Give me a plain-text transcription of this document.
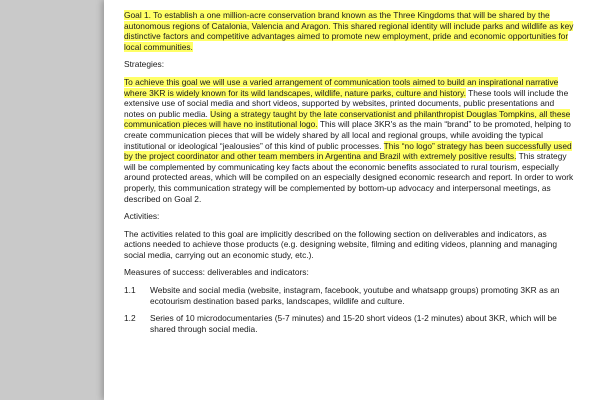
Goal 1. To establish a one million-acre conservation brand known as the Three Kingdoms that will be shared by the autonomous regions of Catalonia, Valencia and Aragon. This shared regional identity will include parks and wildlife as key distinctive factors and competitive advantages aimed to promote new employment, pride and economic opportunities for local communities.

Strategies:

To achieve this goal we will use a varied arrangement of communication tools aimed to build an inspirational narrative where 3KR is widely known for its wild landscapes, wildlife, nature parks, culture and history. These tools will include the extensive use of social media and short videos, supported by websites, printed documents, public presentations and notes on public media. Using a strategy taught by the late conservationist and philanthropist Douglas Tompkins, all these communication pieces will have no institutional logo. This will place 3KR's as the main “brand” to be promoted, helping to create communication pieces that will be widely shared by all local and regional groups, while avoiding the typical institutional or ideological “jealousies” of this kind of public processes. This “no logo” strategy has been successfully used by the project coordinator and other team members in Argentina and Brazil with extremely positive results. This strategy will be complemented by communicating key facts about the economic benefits associated to rural tourism, especially around protected areas, which will be compiled on an especially designed economic research and report. In order to work properly, this communication strategy will be complemented by bottom-up advocacy and interpersonal meetings, as described on Goal 2.

Activities:

The activities related to this goal are implicitly described on the following section on deliverables and indicators, as actions needed to achieve those products (e.g. designing website, filming and editing videos, planning and managing social media, carrying out an economic study, etc.).

Measures of success: deliverables and indicators:

1.1	Website and social media (website, instagram, facebook, youtube and whatsapp groups) promoting 3KR as an ecotourism destination based parks, landscapes, wildlife and culture.
1.2	Series of 10 microdocumentaries (5-7 minutes) and 15-20 short videos (1-2 minutes) about 3KR, which will be shared through social media.
